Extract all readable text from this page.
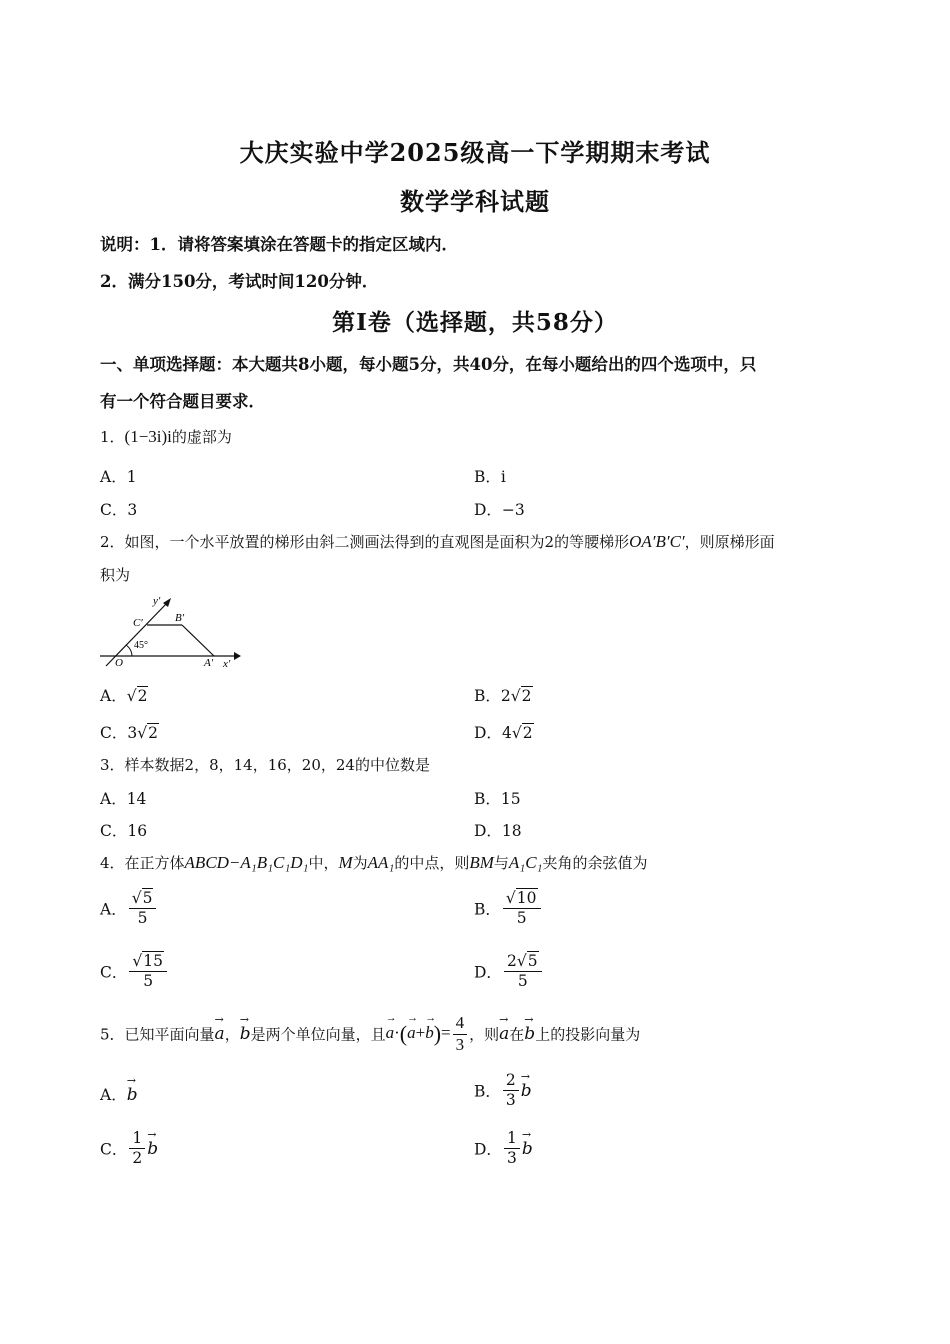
大庆实验中学2025级高一下学期期末考试
数学学科试题
说明：1．请将答案填涂在答题卡的指定区域内．
2．满分150分，考试时间120分钟．
第Ⅰ卷（选择题，共58分）
一、单项选择题：本大题共8小题，每小题5分，共40分，在每小题给出的四个选项中，只
有一个符合题目要求．
1．(1−3i)i的虚部为
A．1	B．i
C．3	D．−3
2．如图，一个水平放置的梯形由斜二测画法得到的直观图是面积为2的等腰梯形OA′B′C′，则原梯形面
积为
y′
B′
C′
45°
O	A′ x′
A．√2	B．2√2
C．3√2	D．4√2
3．样本数据2，8，14，16，20，24的中位数是
A．14	B．15
C．16	D．18
4．在正方体ABCD−A₁B₁C₁D₁中，M为AA₁的中点，则BM与A₁C₁夹角的余弦值为
A． $\frac{√5}{5}$	B． $\frac{√10}{5}$
C． $\frac{√15}{5}$	D． $\frac{2√5}{5}$
5．已知平面向量→ a，→ b是两个单位向量，且→ $a\cdot(\to a+\to b)= \frac{4}{3}$ ，则→ a在→ b上的投影向量为
A．→ b	B． $\frac{2}{3}$
→ b
C． $\frac{1}{2}$
→ b	D． $\frac{1}{3}$
→ b
